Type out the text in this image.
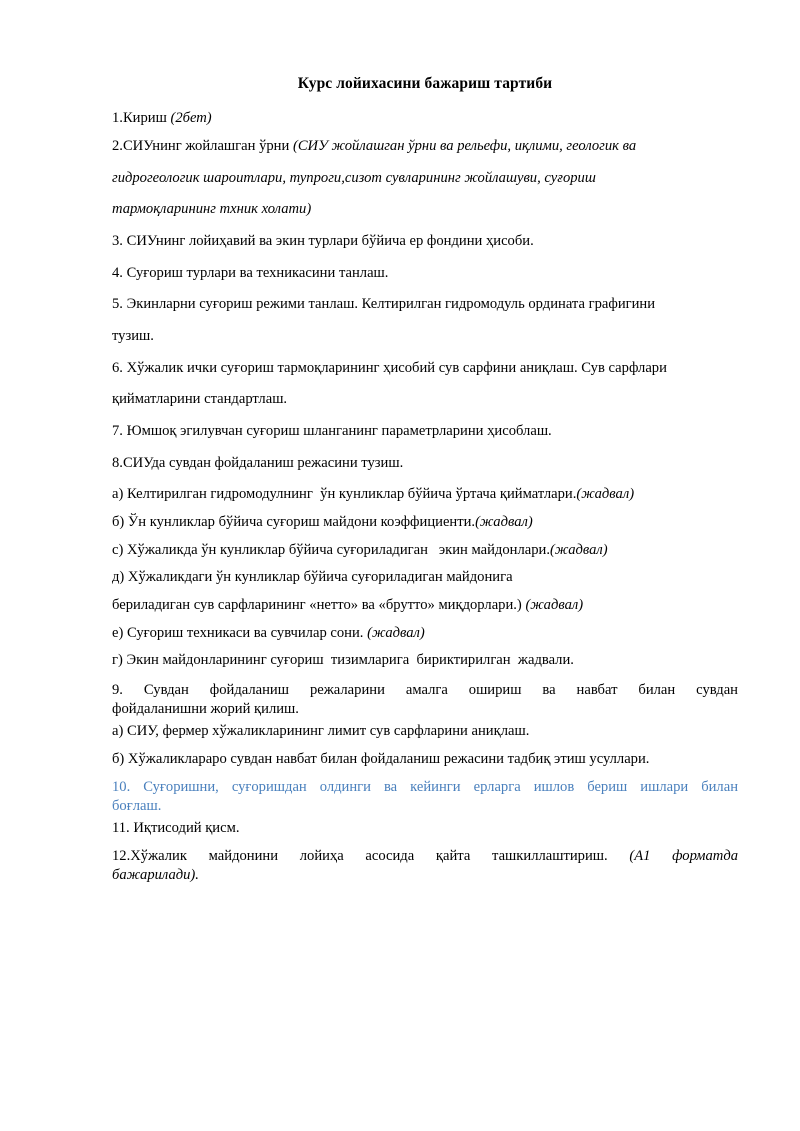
Курс лойихасини бажариш тартиби

1.Кириш (2бет)

2.СИУнинг жойлашган ўрни (СИУ жойлашган ўрни ва рельефи, иқлими, геологик ва

гидрогеологик шароитлари, тупроги,сизот сувларининг жойлашуви, суғориш

тармоқларининг тхник холати)

3. СИУнинг лойиҳавий ва экин турлари бўйича ер фондини ҳисоби.

4. Суғориш турлари ва техникасини танлаш.

5. Экинларни суғориш режими танлаш. Келтирилган гидромодуль ордината графигини

тузиш.

6. Хўжалик ички суғориш тармоқларининг ҳисобий сув сарфини аниқлаш. Сув сарфлари

қийматларини стандартлаш.

7. Юмшоқ эгилувчан суғориш шланганинг параметрларини ҳисоблаш.

8.СИУда сувдан фойдаланиш режасини тузиш.

а) Келтирилган гидромодулнинг  ўн кунликлар бўйича ўртача қийматлари.(жадвал)

б) Ўн кунликлар бўйича суғориш майдони коэффициенти.(жадвал)

с) Хўжаликда ўн кунликлар бўйича суғориладиган   экин майдонлари.(жадвал)

д) Хўжаликдаги ўн кунликлар бўйича суғориладиган майдонига

бериладиган сув сарфларининг «нетто» ва «брутто» миқдорлари.) (жадвал)

е) Суғориш техникаси ва сувчилар сони. (жадвал)

г) Экин майдонларининг суғориш  тизимларига  бириктирилган  жадвали.

9. Сувдан фойдаланиш режаларини амалга ошириш ва навбат билан сувдан

фойдаланишни жорий қилиш.

а) СИУ, фермер хўжаликларининг лимит сув сарфларини аниқлаш.

б) Хўжаликлараро сувдан навбат билан фойдаланиш режасини тадбиқ этиш усуллари.

10. Суғоришни, суғоришдан олдинги ва кейинги ерларга ишлов бериш ишлари билан

боғлаш.

11. Иқтисодий қисм.

12.Хўжалик майдонини лойиҳа асосида қайта ташкиллаштириш. (А1 форматда

бажарилади).
